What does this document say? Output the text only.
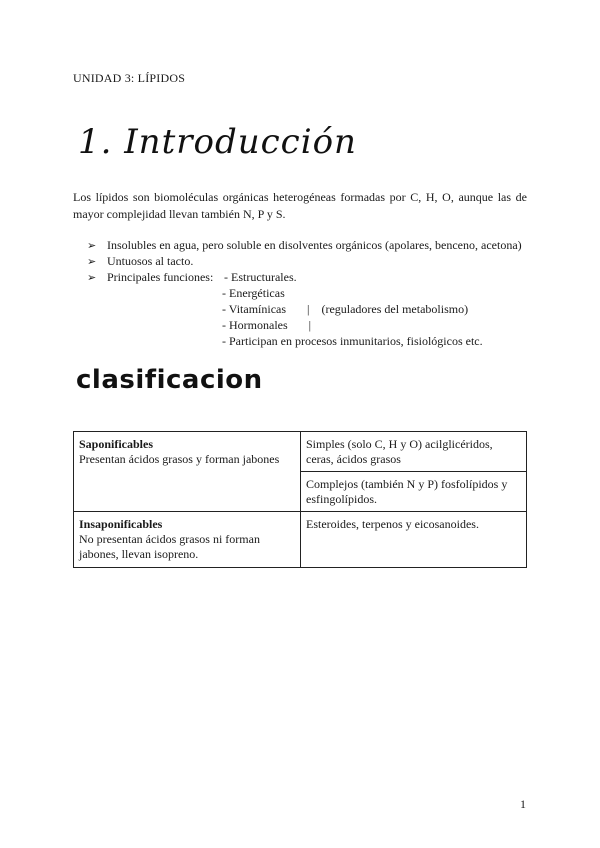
UNIDAD 3: LÍPIDOS
1. Introducción
Los lípidos son biomoléculas orgánicas heterogéneas formadas por C, H, O, aunque las de mayor complejidad llevan también N, P y S.
➢ Insolubles en agua, pero soluble en disolventes orgánicos (apolares, benceno, acetona)
➢ Untuosos al tacto.
➢ Principales funciones: - Estructurales.
- Energéticas
- Vitamínicas       |    (reguladores del metabolismo)
- Hormonales       |
- Participan en procesos inmunitarios, fisiológicos etc.
clasificacion
Saponificables
Presentan ácidos grasos y forman jabones	Simples (solo C, H y O) acilglicéridos, ceras, ácidos grasos

	Complejos (también N y P) fosfolípidos y esfingolípidos.

Insaponificables
No presentan ácidos grasos ni forman jabones, llevan isopreno.	Esteroides, terpenos y eicosanoides.
1
